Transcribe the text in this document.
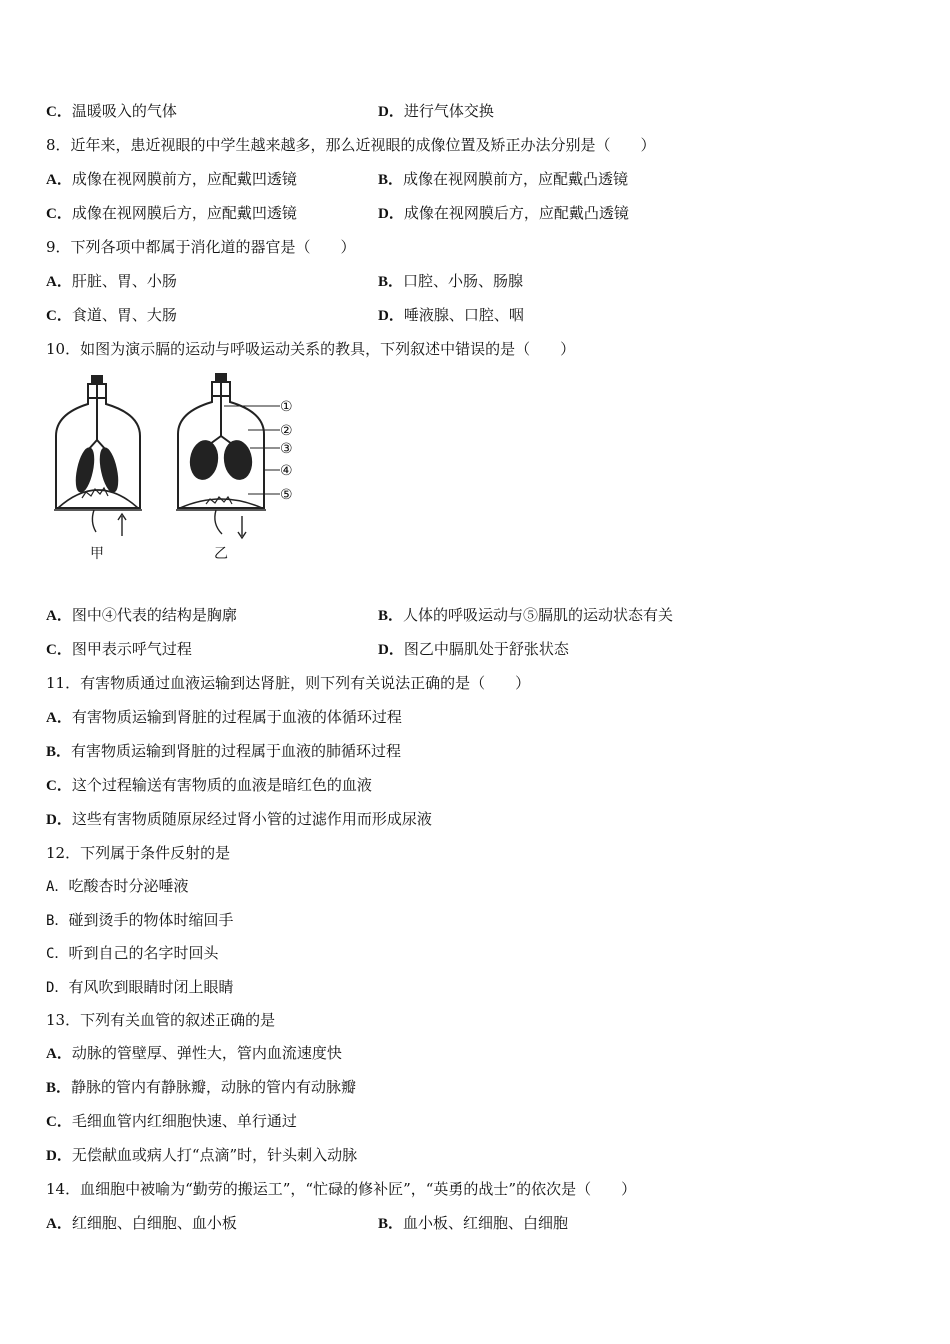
C．温暖吸入的气体	D．进行气体交换
8．近年来，患近视眼的中学生越来越多，那么近视眼的成像位置及矫正办法分别是（　　）
A．成像在视网膜前方，应配戴凹透镜	B．成像在视网膜前方，应配戴凸透镜
C．成像在视网膜后方，应配戴凹透镜	D．成像在视网膜后方，应配戴凸透镜
9．下列各项中都属于消化道的器官是（　　）
A．肝脏、胃、小肠	B．口腔、小肠、肠腺
C．食道、胃、大肠	D．唾液腺、口腔、咽
10．如图为演示膈的运动与呼吸运动关系的教具，下列叙述中错误的是（　　）
①
②
③
④
⑤
甲	乙
A．图中④代表的结构是胸廓	B．人体的呼吸运动与⑤膈肌的运动状态有关
C．图甲表示呼气过程	D．图乙中膈肌处于舒张状态
11．有害物质通过血液运输到达肾脏，则下列有关说法正确的是（　　）
A．有害物质运输到肾脏的过程属于血液的体循环过程
B．有害物质运输到肾脏的过程属于血液的肺循环过程
C．这个过程输送有害物质的血液是暗红色的血液
D．这些有害物质随原尿经过肾小管的过滤作用而形成尿液
12．下列属于条件反射的是
A．吃酸杏时分泌唾液
B．碰到烫手的物体时缩回手
C．听到自己的名字时回头
D．有风吹到眼睛时闭上眼睛
13．下列有关血管的叙述正确的是
A．动脉的管壁厚、弹性大，管内血流速度快
B．静脉的管内有静脉瓣，动脉的管内有动脉瓣
C．毛细血管内红细胞快速、单行通过
D．无偿献血或病人打“点滴”时，针头刺入动脉
14．血细胞中被喻为“勤劳的搬运工”，“忙碌的修补匠”，“英勇的战士”的依次是（　　）
A．红细胞、白细胞、血小板	B．血小板、红细胞、白细胞
